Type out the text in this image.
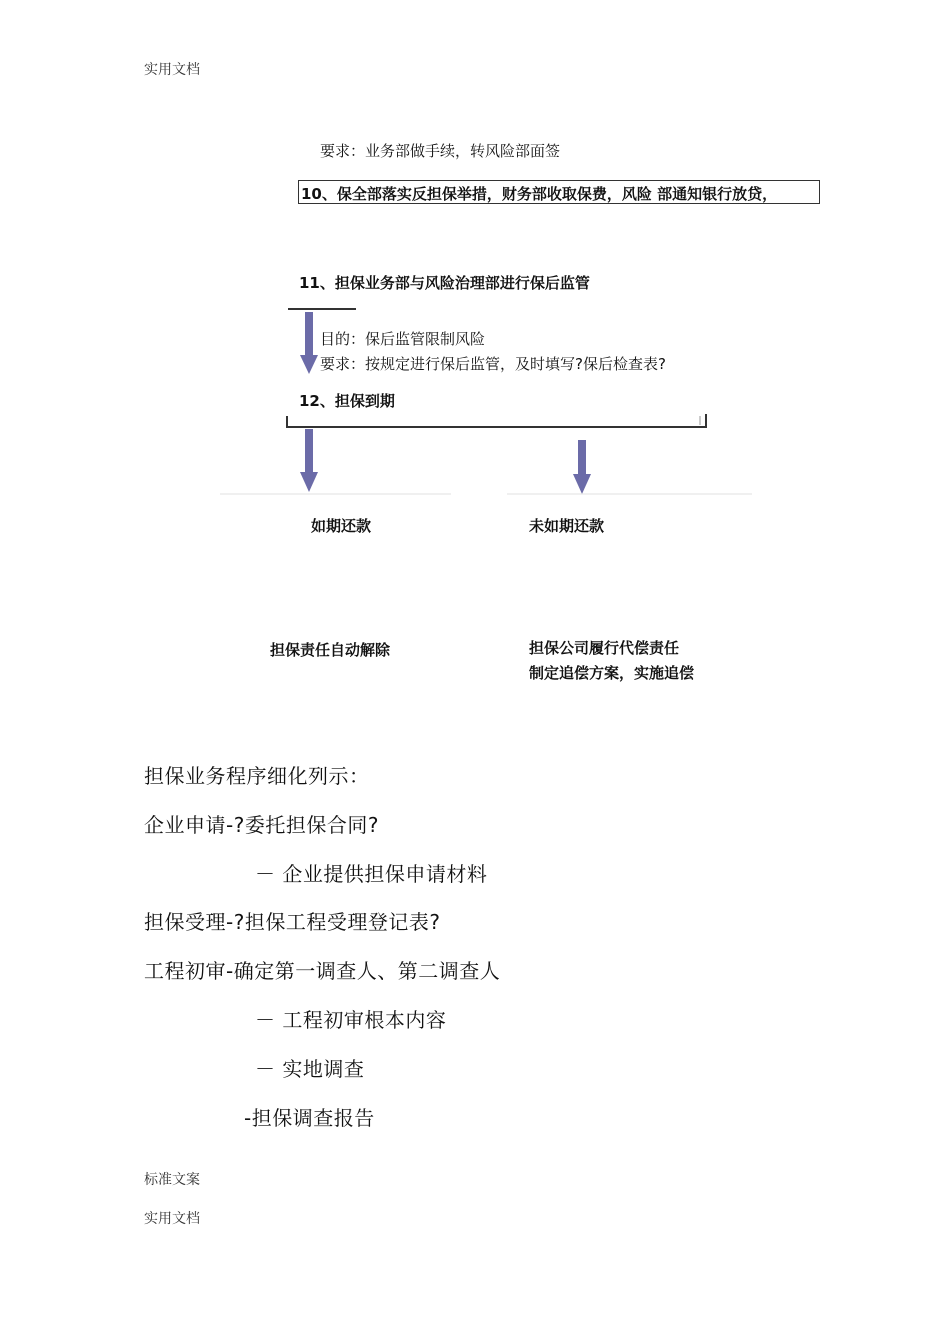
实用文档
要求：业务部做手续，转风险部面签
10、保全部落实反担保举措，财务部收取保费，风险 部通知银行放贷，
11、担保业务部与风险治理部进行保后监管
目的：保后监管限制风险
要求：按规定进行保后监管，及时填写?保后检查表?
12、担保到期
如期还款	未如期还款
担保责任自动解除	担保公司履行代偿责任
制定追偿方案，实施追偿
担保业务程序细化列示：
企业申请-?委托担保合同?
－ 企业提供担保申请材料
担保受理-?担保工程受理登记表?
工程初审-确定第一调查人、第二调查人
－ 工程初审根本内容
－ 实地调查
-担保调查报告
标准文案
实用文档
